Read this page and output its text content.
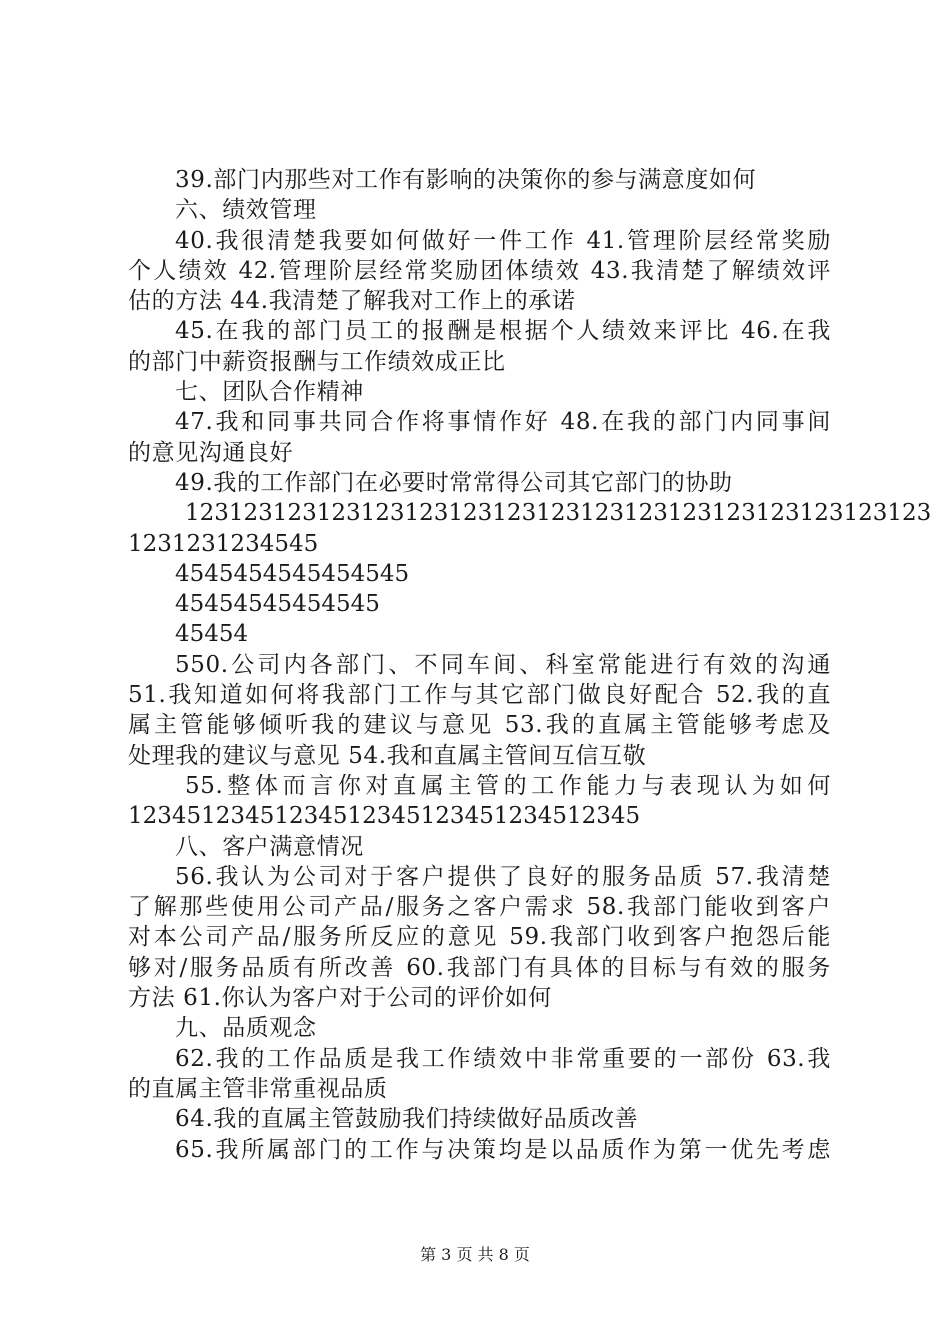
39.部门内那些对工作有影响的决策你的参与满意度如何
六、绩效管理
40.我很清楚我要如何做好一件工作 41.管理阶层经常奖励
个人绩效 42.管理阶层经常奖励团体绩效 43.我清楚了解绩效评
估的方法 44.我清楚了解我对工作上的承诺
45.在我的部门员工的报酬是根据个人绩效来评比 46.在我
的部门中薪资报酬与工作绩效成正比
七、团队合作精神
47.我和同事共同合作将事情作好 48.在我的部门内同事间
的意见沟通良好
49.我的工作部门在必要时常常得公司其它部门的协助
123123123123123123123123123123123123123123123123123
1231231234545
4545454545454545
45454545454545
45454
550.公司内各部门、不同车间、科室常能进行有效的沟通
51.我知道如何将我部门工作与其它部门做良好配合 52.我的直
属主管能够倾听我的建议与意见 53.我的直属主管能够考虑及
处理我的建议与意见 54.我和直属主管间互信互敬
55.整体而言你对直属主管的工作能力与表现认为如何
12345123451234512345123451234512345
八、客户满意情况
56.我认为公司对于客户提供了良好的服务品质 57.我清楚
了解那些使用公司产品/服务之客户需求 58.我部门能收到客户
对本公司产品/服务所反应的意见 59.我部门收到客户抱怨后能
够对/服务品质有所改善 60.我部门有具体的目标与有效的服务
方法 61.你认为客户对于公司的评价如何
九、品质观念
62.我的工作品质是我工作绩效中非常重要的一部份 63.我
的直属主管非常重视品质
64.我的直属主管鼓励我们持续做好品质改善
65.我所属部门的工作与决策均是以品质作为第一优先考虑
第 3 页 共 8 页
